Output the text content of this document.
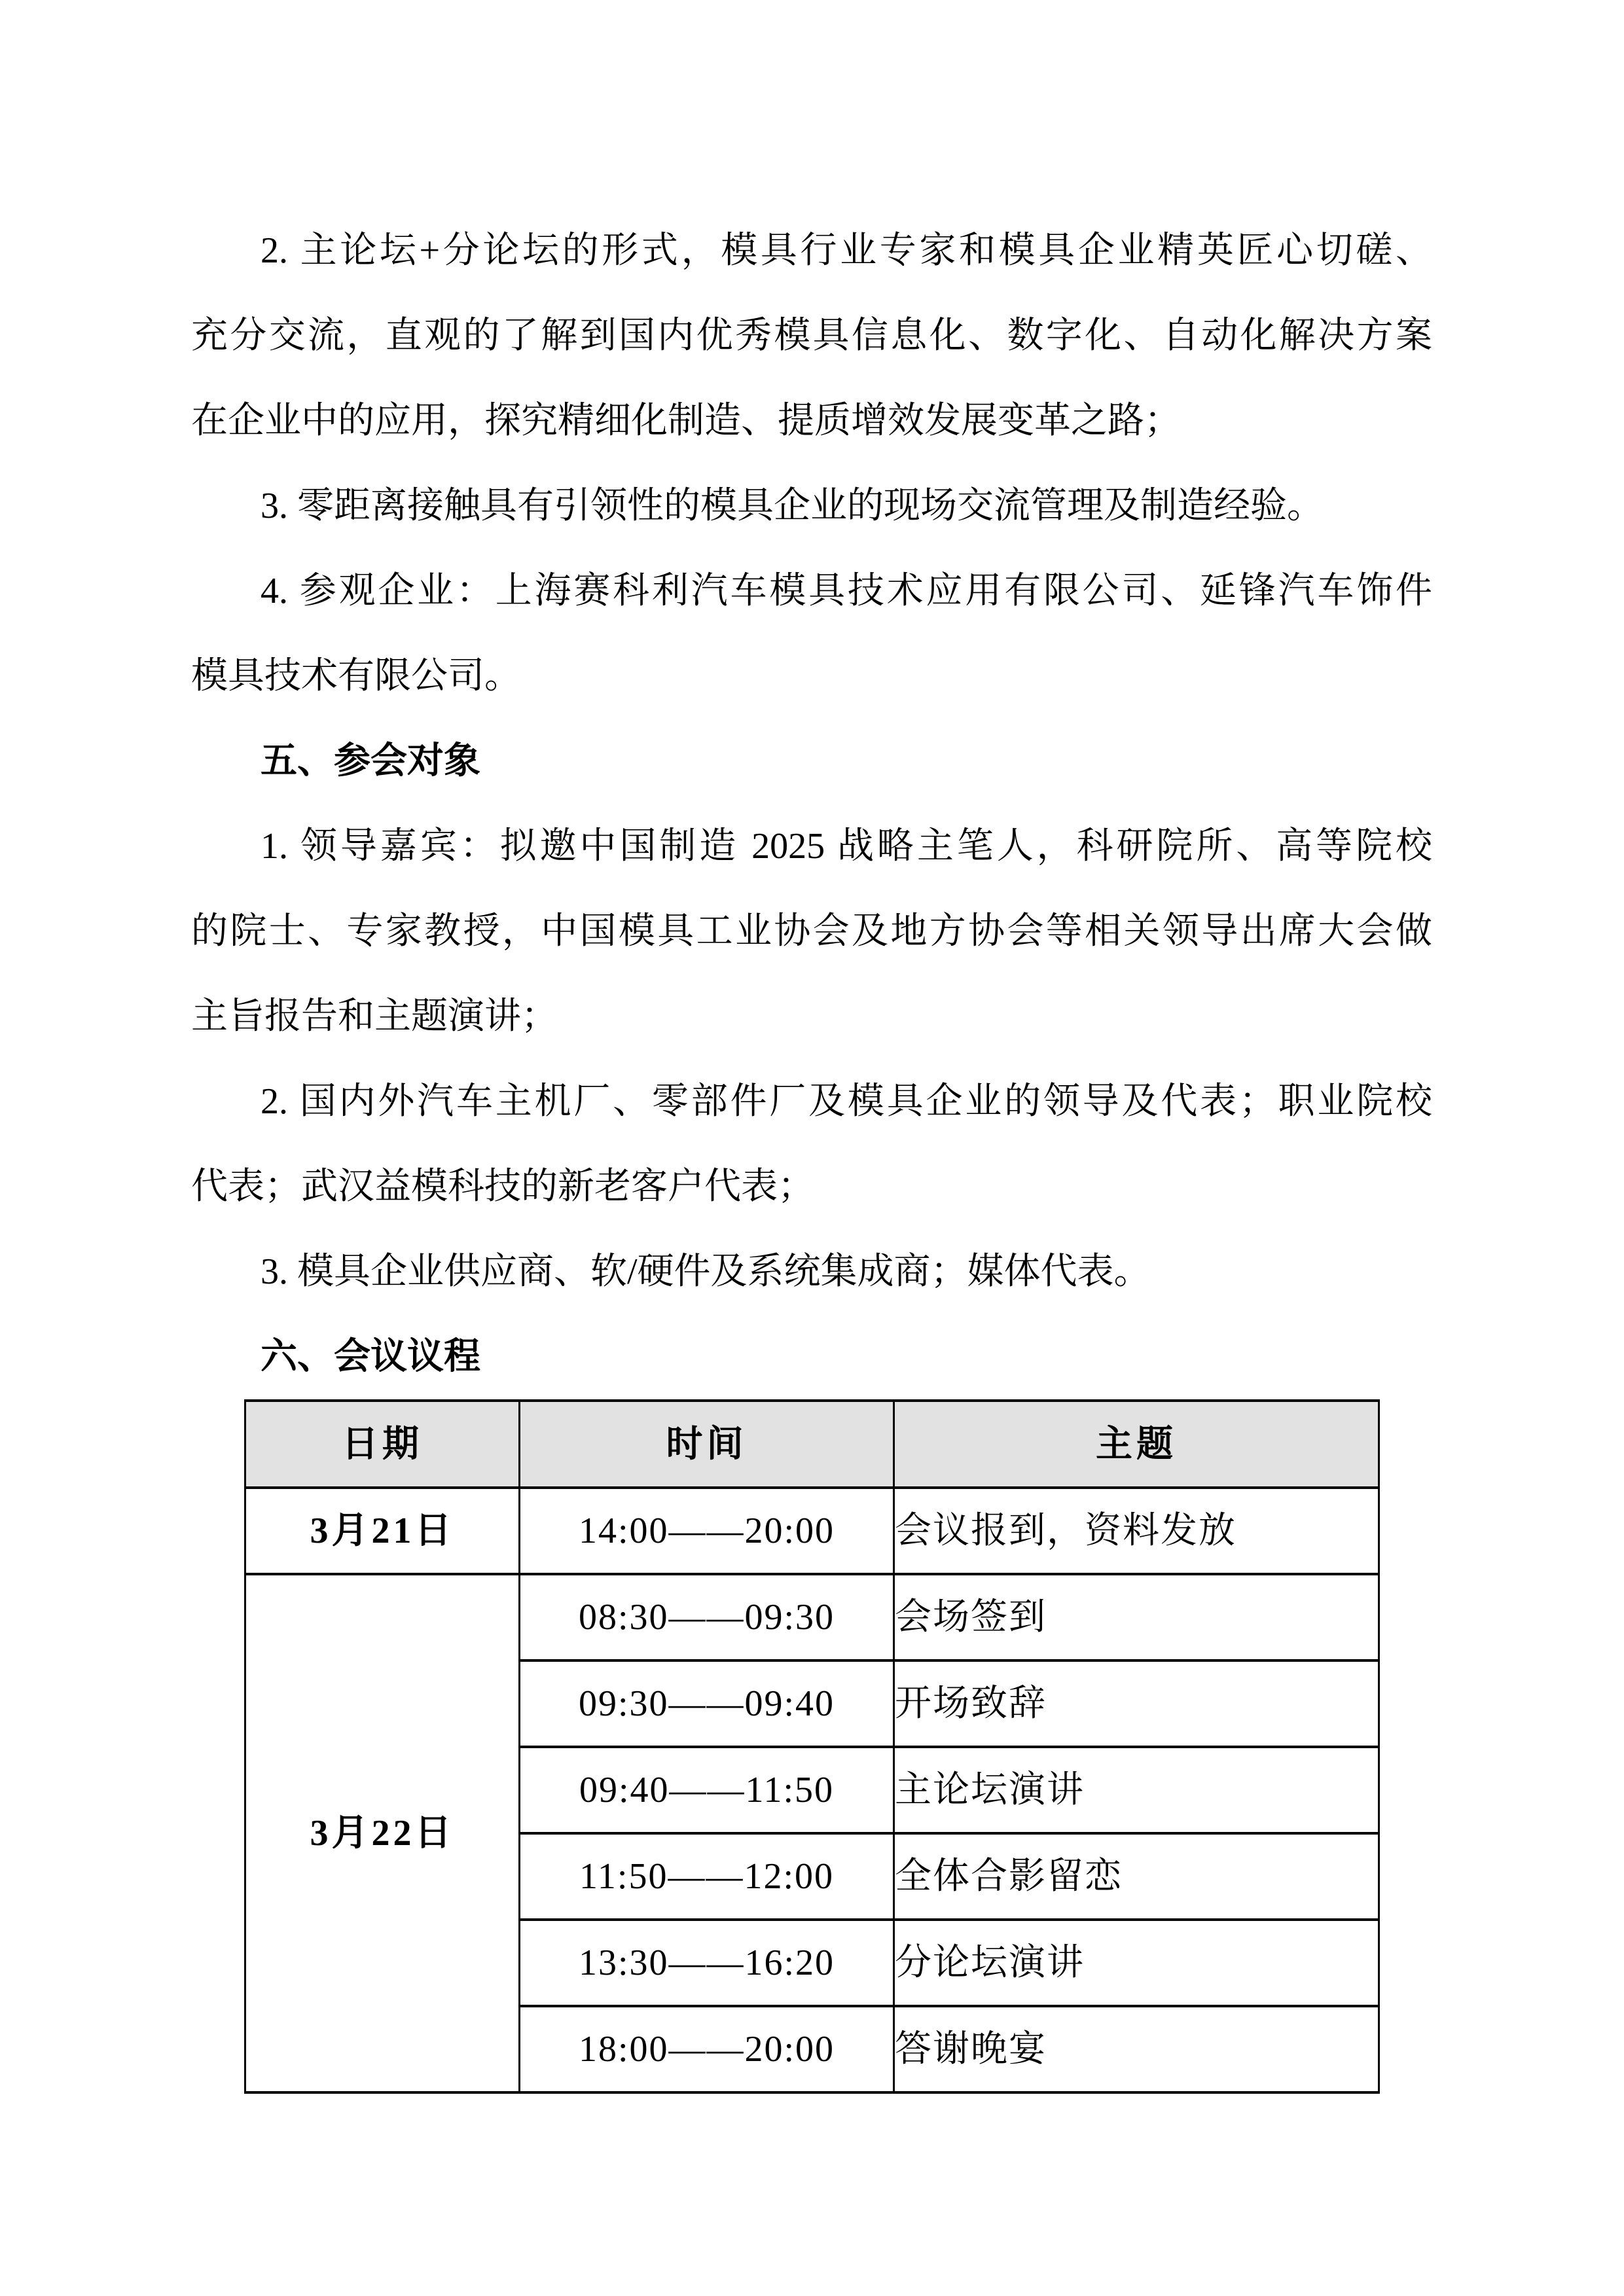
2. 主论坛+分论坛的形式，模具行业专家和模具企业精英匠心切磋、
充分交流，直观的了解到国内优秀模具信息化、数字化、自动化解决方案
在企业中的应用，探究精细化制造、提质增效发展变革之路；
3. 零距离接触具有引领性的模具企业的现场交流管理及制造经验。
4. 参观企业：上海赛科利汽车模具技术应用有限公司、延锋汽车饰件
模具技术有限公司。
五、参会对象
1. 领导嘉宾：拟邀中国制造 2025 战略主笔人，科研院所、高等院校
的院士、专家教授，中国模具工业协会及地方协会等相关领导出席大会做
主旨报告和主题演讲；
2. 国内外汽车主机厂、零部件厂及模具企业的领导及代表；职业院校
代表；武汉益模科技的新老客户代表；
3. 模具企业供应商、软/硬件及系统集成商；媒体代表。
六、会议议程
日期	时间	主题
3月21日	14:00——20:00	会议报到，资料发放
3月22日	08:30——09:30	会场签到
	09:30——09:40	开场致辞
	09:40——11:50	主论坛演讲
	11:50——12:00	全体合影留恋
	13:30——16:20	分论坛演讲
	18:00——20:00	答谢晚宴
